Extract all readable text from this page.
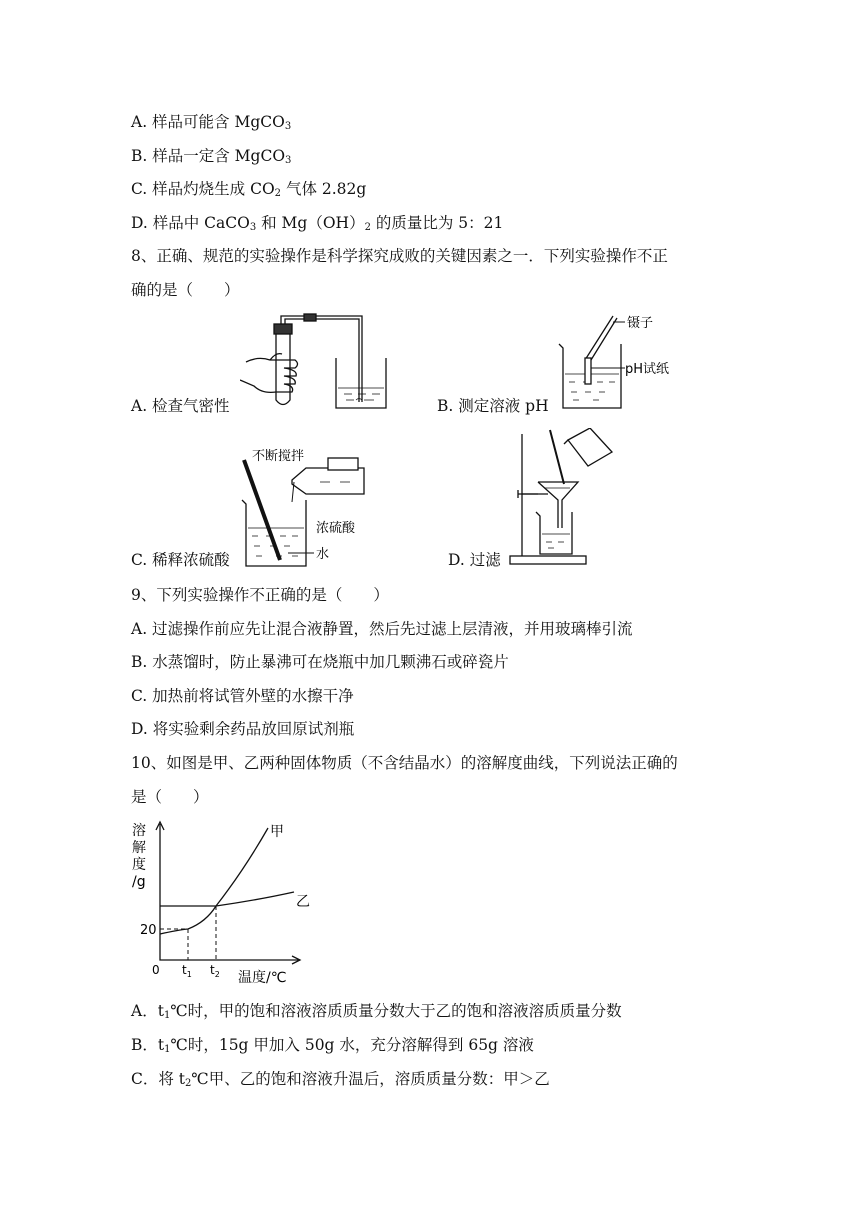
A. 样品可能含 MgCO$_3$
B. 样品一定含 MgCO$_3$
C. 样品灼烧生成 $CO_2$ 气体 2.82g
D. 样品中 CaCO$_3$ 和 $Mg(OH)_2$ 的质量比为 5：21
8、正确、规范的实验操作是科学探究成败的关键因素之一．下列实验操作不正
确的是（　　）
A. 检查气密性	B. 测定溶液 pH
镊子
pH试纸
C. 稀释浓硫酸
不断搅拌
浓硫酸
水	D. 过滤
9、下列实验操作不正确的是（　　）
A. 过滤操作前应先让混合液静置，然后先过滤上层清液，并用玻璃棒引流
B. 水蒸馏时，防止暴沸可在烧瓶中加几颗沸石或碎瓷片
C. 加热前将试管外壁的水擦干净
D. 将实验剩余药品放回原试剂瓶
10、如图是甲、乙两种固体物质（不含结晶水）的溶解度曲线，下列说法正确的
是（　　）
溶
解
度
/g
甲
乙
20
0 $t_1$ $t_2$ 温度/℃
A．$t_1℃$时，甲的饱和溶液溶质质量分数大于乙的饱和溶液溶质质量分数
B．$t_1℃$时，15g 甲加入 50g 水，充分溶解得到 65g 溶液
C．将 $t_2℃$甲、乙的饱和溶液升温后，溶质质量分数：甲＞乙
